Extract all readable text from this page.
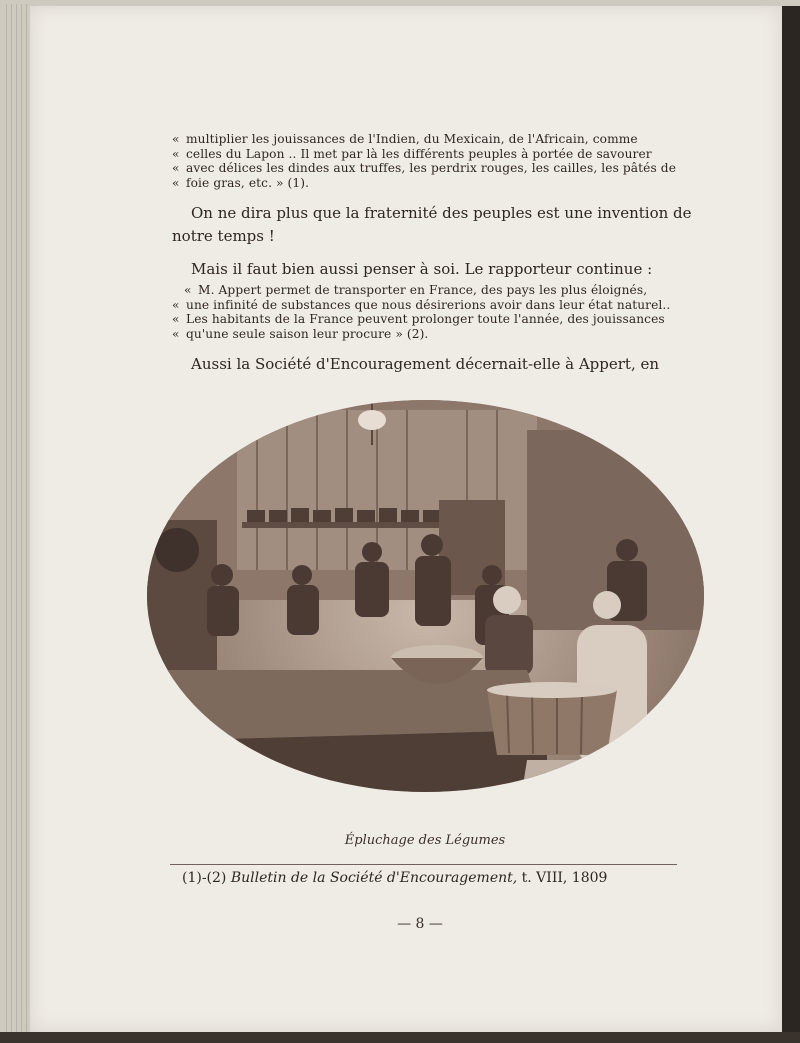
« multiplier les jouissances de l'Indien, du Mexicain, de l'Africain, comme
« celles du Lapon .. Il met par là les différents peuples à portée de savourer
« avec délices les dindes aux truffes, les perdrix rouges, les cailles, les pâtés de
« foie gras, etc. » (1).
On ne dira plus que la fraternité des peuples est une invention de
notre temps !
Mais il faut bien aussi penser à soi. Le rapporteur continue :
« M. Appert permet de transporter en France, des pays les plus éloignés,
« une infinité de substances que nous désirerions avoir dans leur état naturel..
« Les habitants de la France peuvent prolonger toute l'année, des jouissances
« qu'une seule saison leur procure » (2).
Aussi la Société d'Encouragement décernait-elle à Appert, en
Épluchage des Légumes
(1)-(2) Bulletin de la Société d'Encouragement, t. VIII, 1809
— 8 —
